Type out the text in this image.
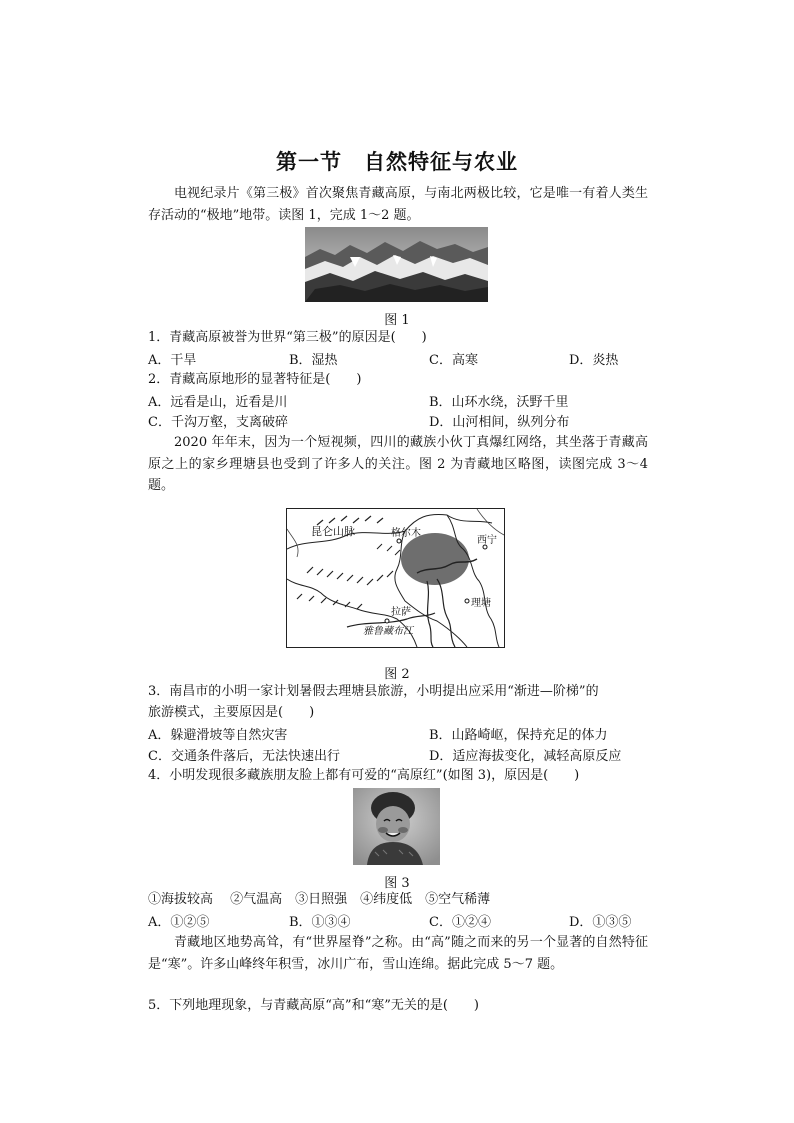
第一节 自然特征与农业
电视纪录片《第三极》首次聚焦青藏高原，与南北两极比较，它是唯一有着人类生存活动的“极地”地带。读图 1，完成 1～2 题。
图 1
1．青藏高原被誉为世界“第三极”的原因是(　　)
A．干旱	B．湿热	C．高寒	D．炎热
2．青藏高原地形的显著特征是(　　)
A．远看是山，近看是川	B．山环水绕，沃野千里
C．千沟万壑，支离破碎	D．山河相间，纵列分布
2020 年年末，因为一个短视频，四川的藏族小伙丁真爆红网络，其坐落于青藏高原之上的家乡理塘县也受到了许多人的关注。图 2 为青藏地区略图，读图完成 3～4 题。
昆仑山脉	格尔木
西宁
理塘
拉萨
雅鲁藏布江
图 2
3．南昌市的小明一家计划暑假去理塘县旅游，小明提出应采用“渐进—阶梯”的
旅游模式，主要原因是(　　)
A．躲避滑坡等自然灾害	B．山路崎岖，保持充足的体力
C．交通条件落后，无法快速出行	D．适应海拔变化，减轻高原反应
4．小明发现很多藏族朋友脸上都有可爱的“高原红”(如图 3)，原因是(　　)
图 3
①海拔较高　 ②气温高　③日照强　④纬度低　⑤空气稀薄
A．①②⑤	B．①③④	C．①②④	D．①③⑤
青藏地区地势高耸，有“世界屋脊”之称。由“高”随之而来的另一个显著的自然特征是“寒”。许多山峰终年积雪，冰川广布，雪山连绵。据此完成 5～7 题。
5．下列地理现象，与青藏高原“高”和“寒”无关的是(　　)
